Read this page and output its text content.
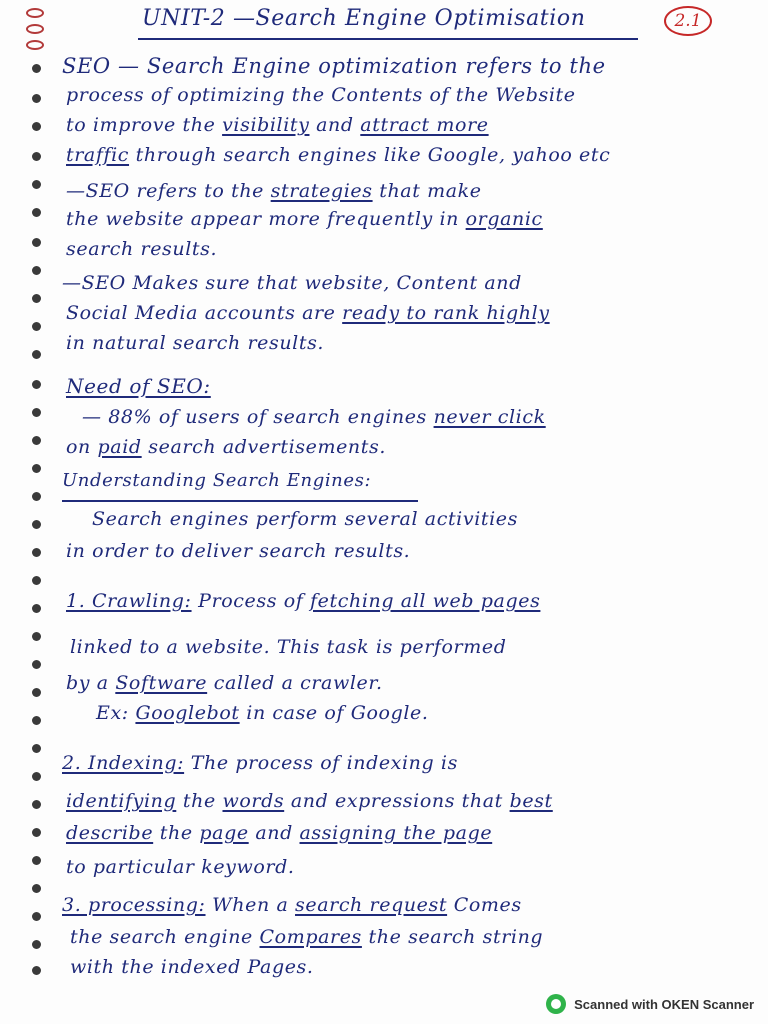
UNIT-2 —Search Engine Optimisation	2.1
SEO — Search Engine optimization refers to the
process of optimizing the Contents of the Website
to improve the visibility and attract more
traffic through search engines like Google, yahoo etc
—SEO refers to the strategies that make
the website appear more frequently in organic
search results.
—SEO Makes sure that website, Content and
Social Media accounts are ready to rank highly
in natural search results.
Need of SEO:
— 88% of users of search engines never click
on paid search advertisements.
Understanding Search Engines:
Search engines perform several activities
in order to deliver search results.
1. Crawling: Process of fetching all web pages
linked to a website. This task is performed
by a Software called a crawler.
Ex: Googlebot in case of Google.
2. Indexing: The process of indexing is
identifying the words and expressions that best
describe the page and assigning the page
to particular keyword.
3. processing: When a search request Comes
the search engine Compares the search string
with the indexed Pages.
Scanned with OKEN Scanner
